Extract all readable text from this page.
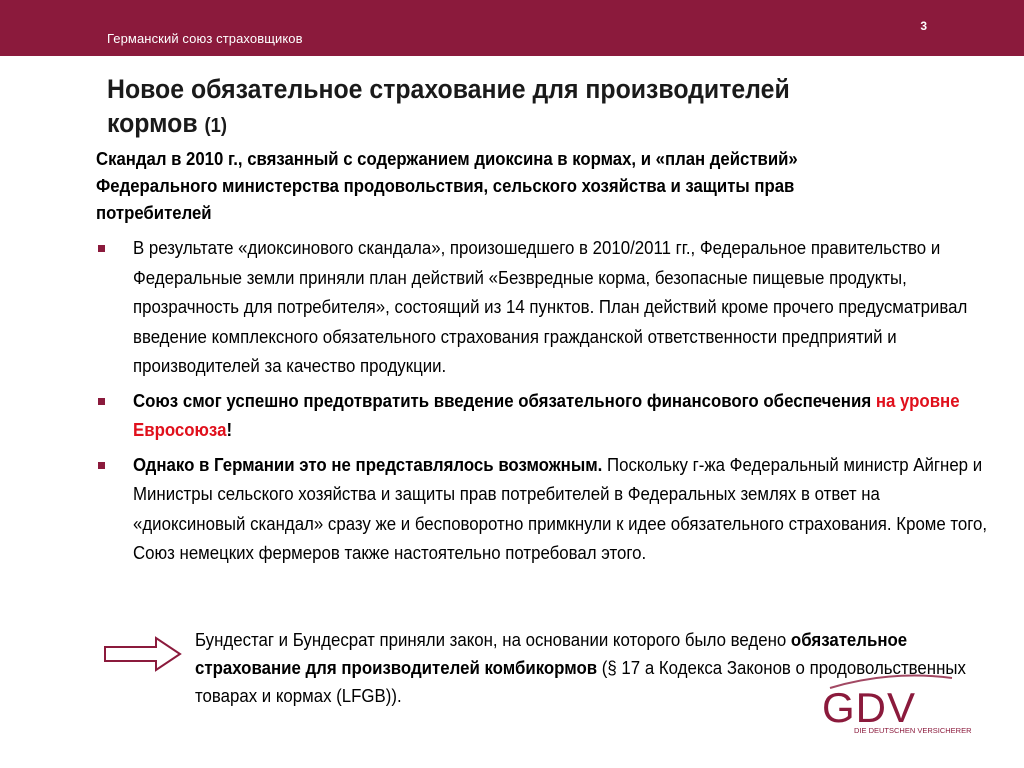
Германский союз страховщиков
3
Новое обязательное страхование для производителей кормов (1)
Скандал в 2010 г., связанный с содержанием диоксина в кормах, и «план действий» Федерального министерства продовольствия, сельского хозяйства и защиты прав потребителей
В результате «диоксинового скандала», произошедшего в 2010/2011 гг., Федеральное правительство и Федеральные земли приняли план действий «Безвредные корма, безопасные пищевые продукты, прозрачность для потребителя», состоящий из 14 пунктов. План действий кроме прочего предусматривал введение комплексного обязательного страхования гражданской ответственности предприятий и производителей за качество продукции.
Союз смог успешно предотвратить введение обязательного финансового обеспечения на уровне Евросоюза!
Однако в Германии это не представлялось возможным. Поскольку г-жа Федеральный министр Айгнер и Министры сельского хозяйства и защиты прав потребителей в Федеральных землях в ответ на «диоксиновый скандал» сразу же и бесповоротно примкнули к идее обязательного страхования. Кроме того, Союз немецких фермеров также настоятельно потребовал этого.
Бундестаг и Бундесрат приняли закон, на основании которого было ведено обязательное страхование для производителей комбикормов (§ 17 а Кодекса Законов о продовольственных товарах и кормах (LFGB)).	GDV
DIE DEUTSCHEN VERSICHERER
